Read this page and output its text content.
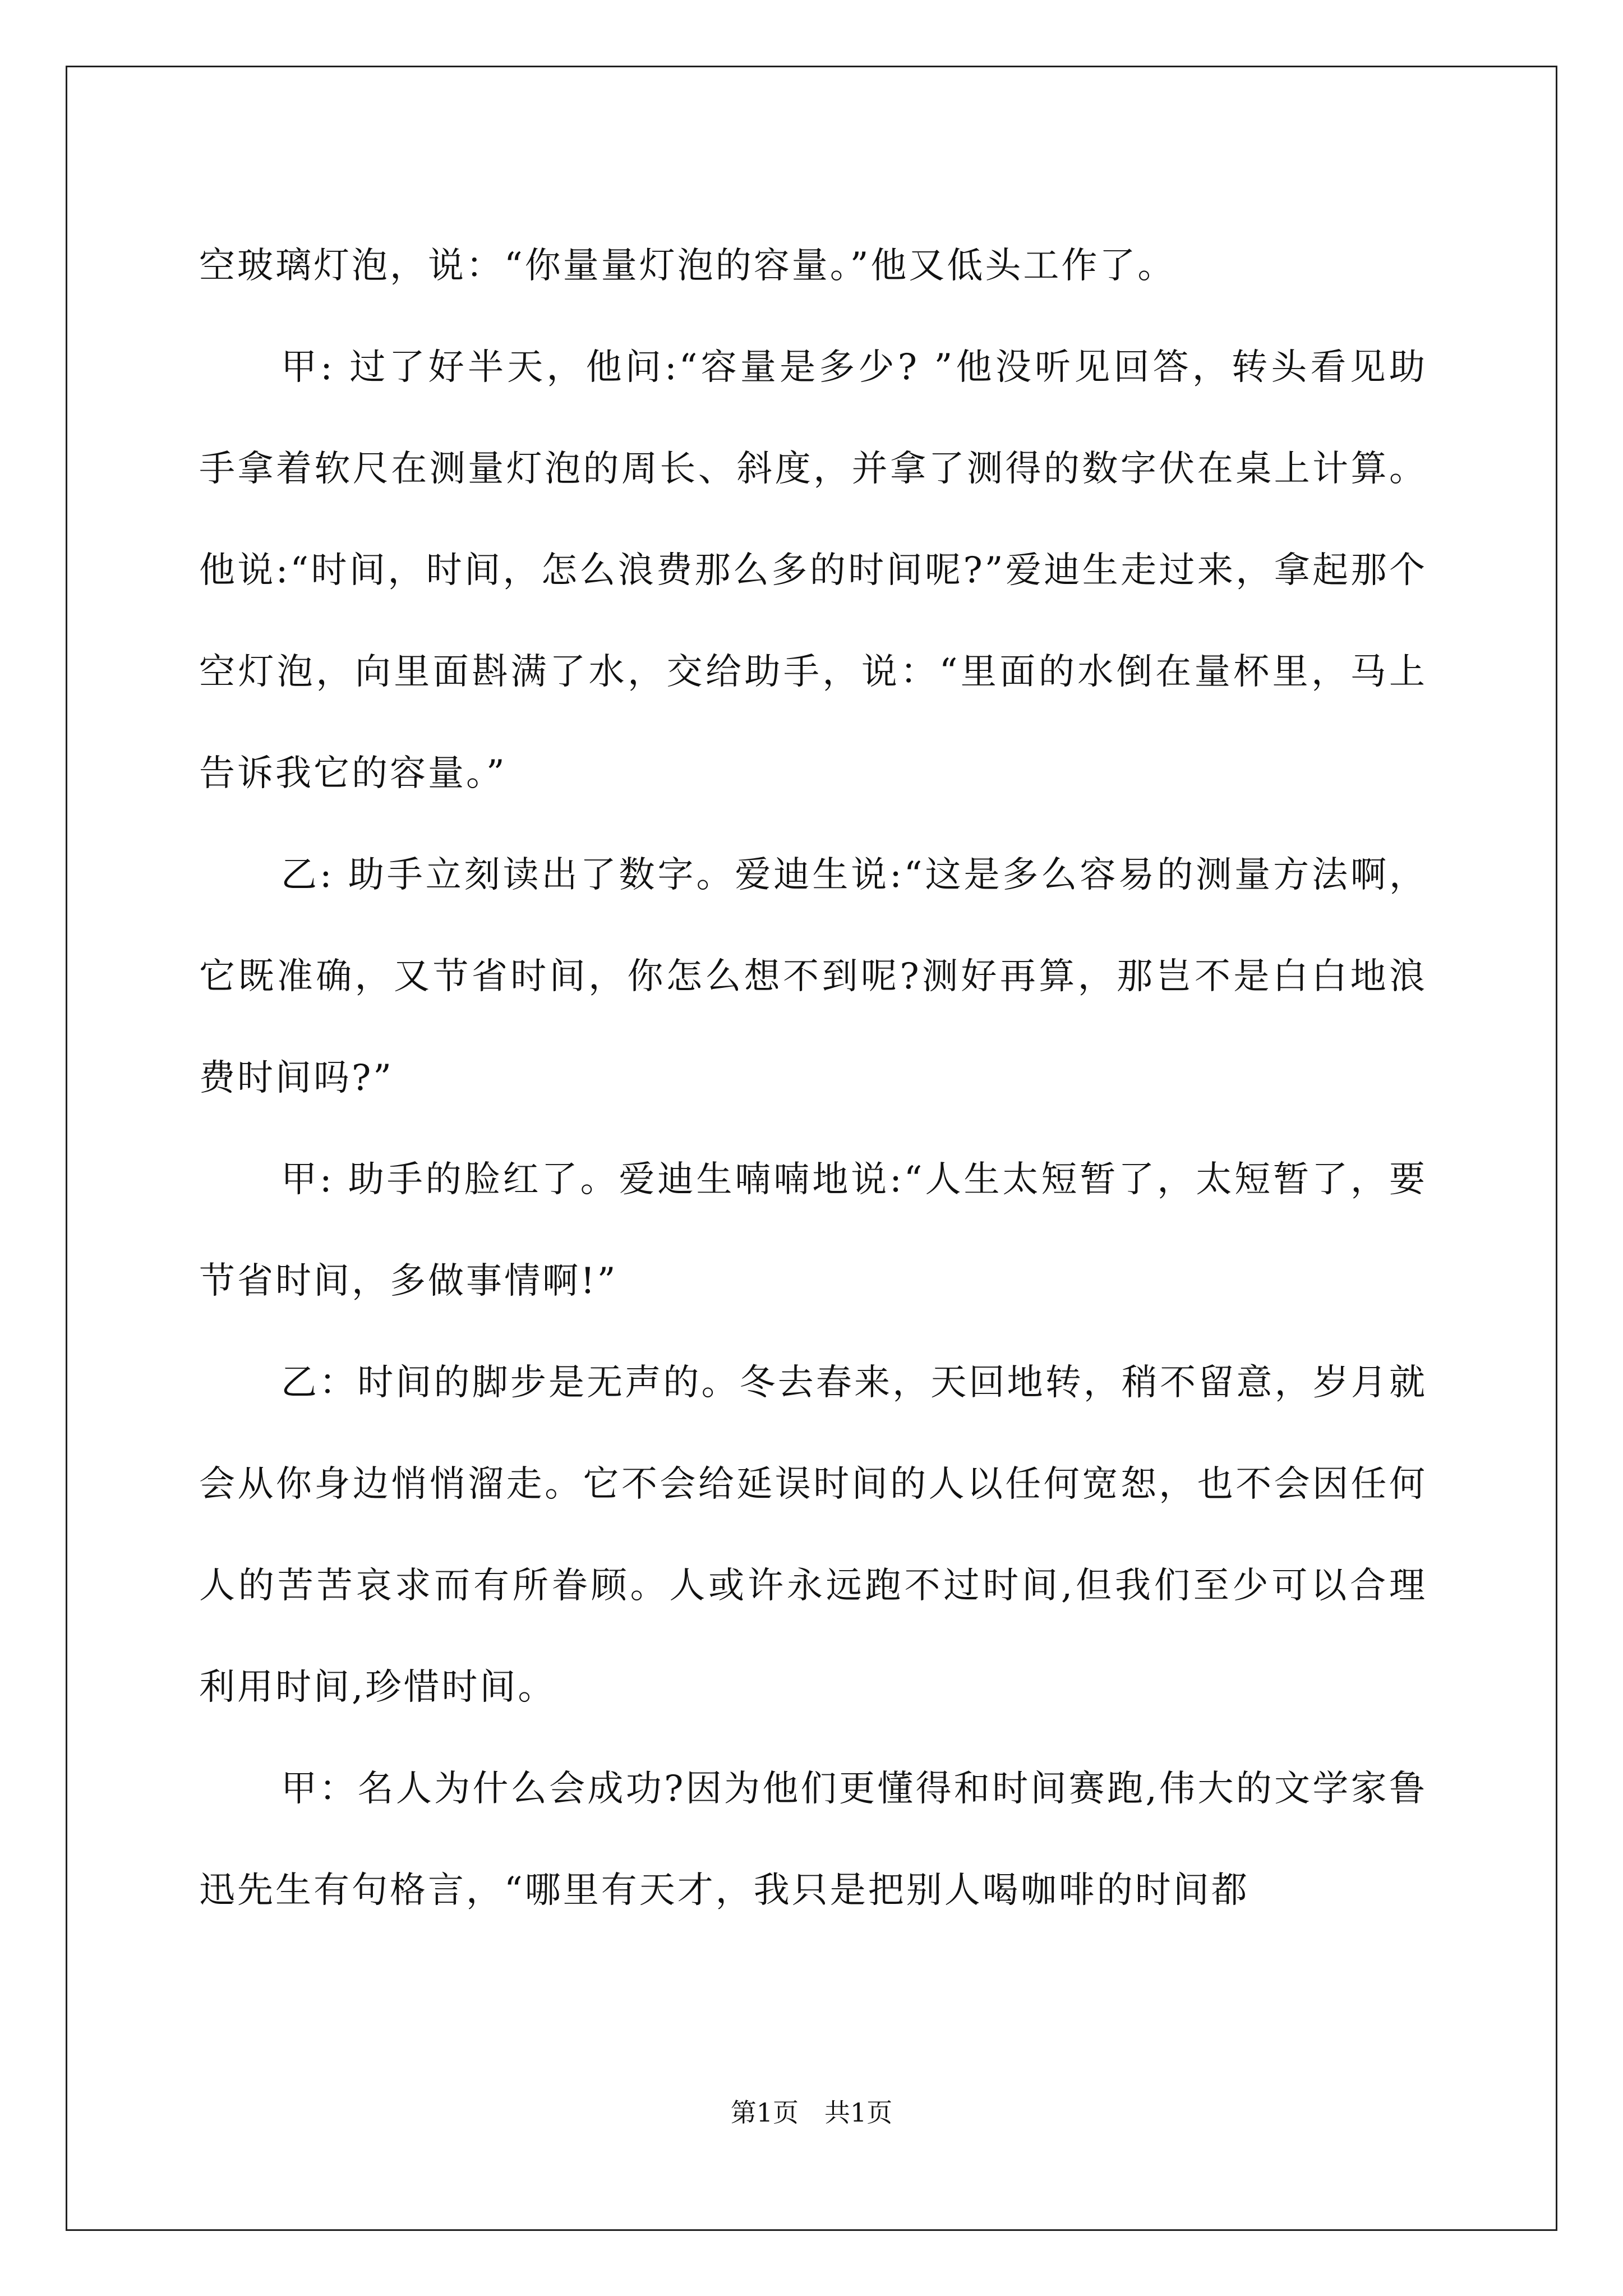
空玻璃灯泡，说：“你量量灯泡的容量。”他又低头工作了。

甲: 过了好半天，他问:“容量是多少? ”他没听见回答，转头看见助手拿着软尺在测量灯泡的周长、斜度，并拿了测得的数字伏在桌上计算。他说:“时间，时间，怎么浪费那么多的时间呢?”爱迪生走过来，拿起那个空灯泡，向里面斟满了水，交给助手，说：“里面的水倒在量杯里，马上告诉我它的容量。”

乙: 助手立刻读出了数字。爱迪生说:“这是多么容易的测量方法啊，它既准确，又节省时间，你怎么想不到呢?测好再算，那岂不是白白地浪费时间吗?”

甲: 助手的脸红了。爱迪生喃喃地说:“人生太短暂了，太短暂了，要节省时间，多做事情啊!”

乙：时间的脚步是无声的。冬去春来，天回地转，稍不留意，岁月就会从你身边悄悄溜走。它不会给延误时间的人以任何宽恕，也不会因任何人的苦苦哀求而有所眷顾。人或许永远跑不过时间,但我们至少可以合理利用时间,珍惜时间。

甲：名人为什么会成功?因为他们更懂得和时间赛跑,伟大的文学家鲁迅先生有句格言，“哪里有天才，我只是把别人喝咖啡的时间都

第1页　共1页
